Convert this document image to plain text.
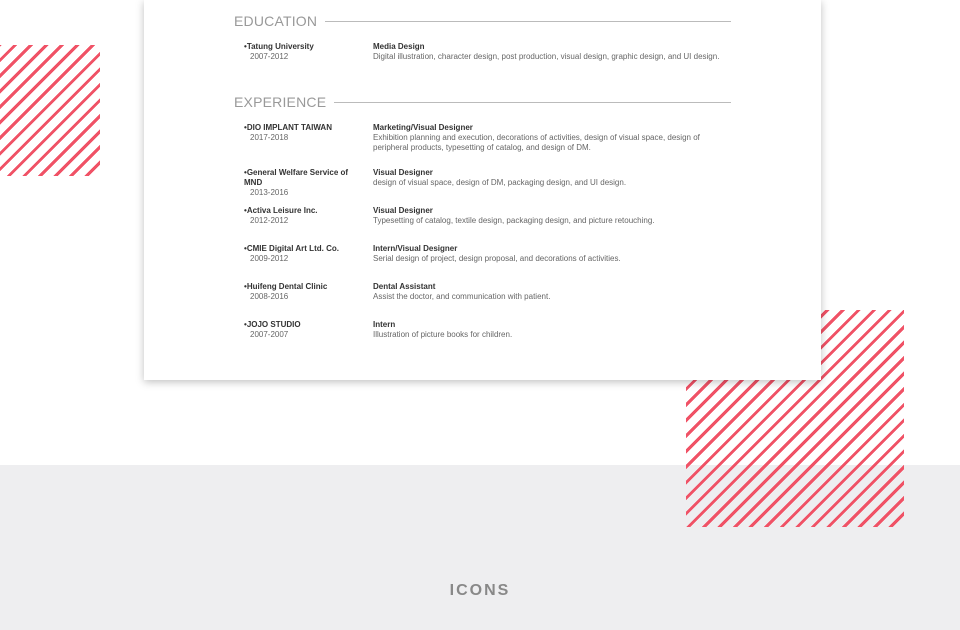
EDUCATION
• Tatung University
2007-2012
Media Design
Digital illustration, character design, post production, visual design, graphic design, and UI design.
EXPERIENCE
• DIO IMPLANT TAIWAN
2017-2018
Marketing/Visual Designer
Exhibition planning and execution, decorations of activities, design of visual space, design of peripheral products, typesetting of catalog, and design of DM.
• General Welfare Service of MND
2013-2016
Visual Designer
design of visual space, design of DM, packaging design, and UI design.
• Activa Leisure Inc.
2012-2012
Visual Designer
Typesetting of catalog, textile design, packaging design, and picture retouching.
• CMIE Digital Art Ltd. Co.
2009-2012
Intern/Visual Designer
Serial design of project, design proposal, and decorations of activities.
• Huifeng Dental Clinic
2008-2016
Dental Assistant
Assist the doctor, and communication with patient.
• JOJO STUDIO
2007-2007
Intern
Illustration of picture books for children.
ICONS
